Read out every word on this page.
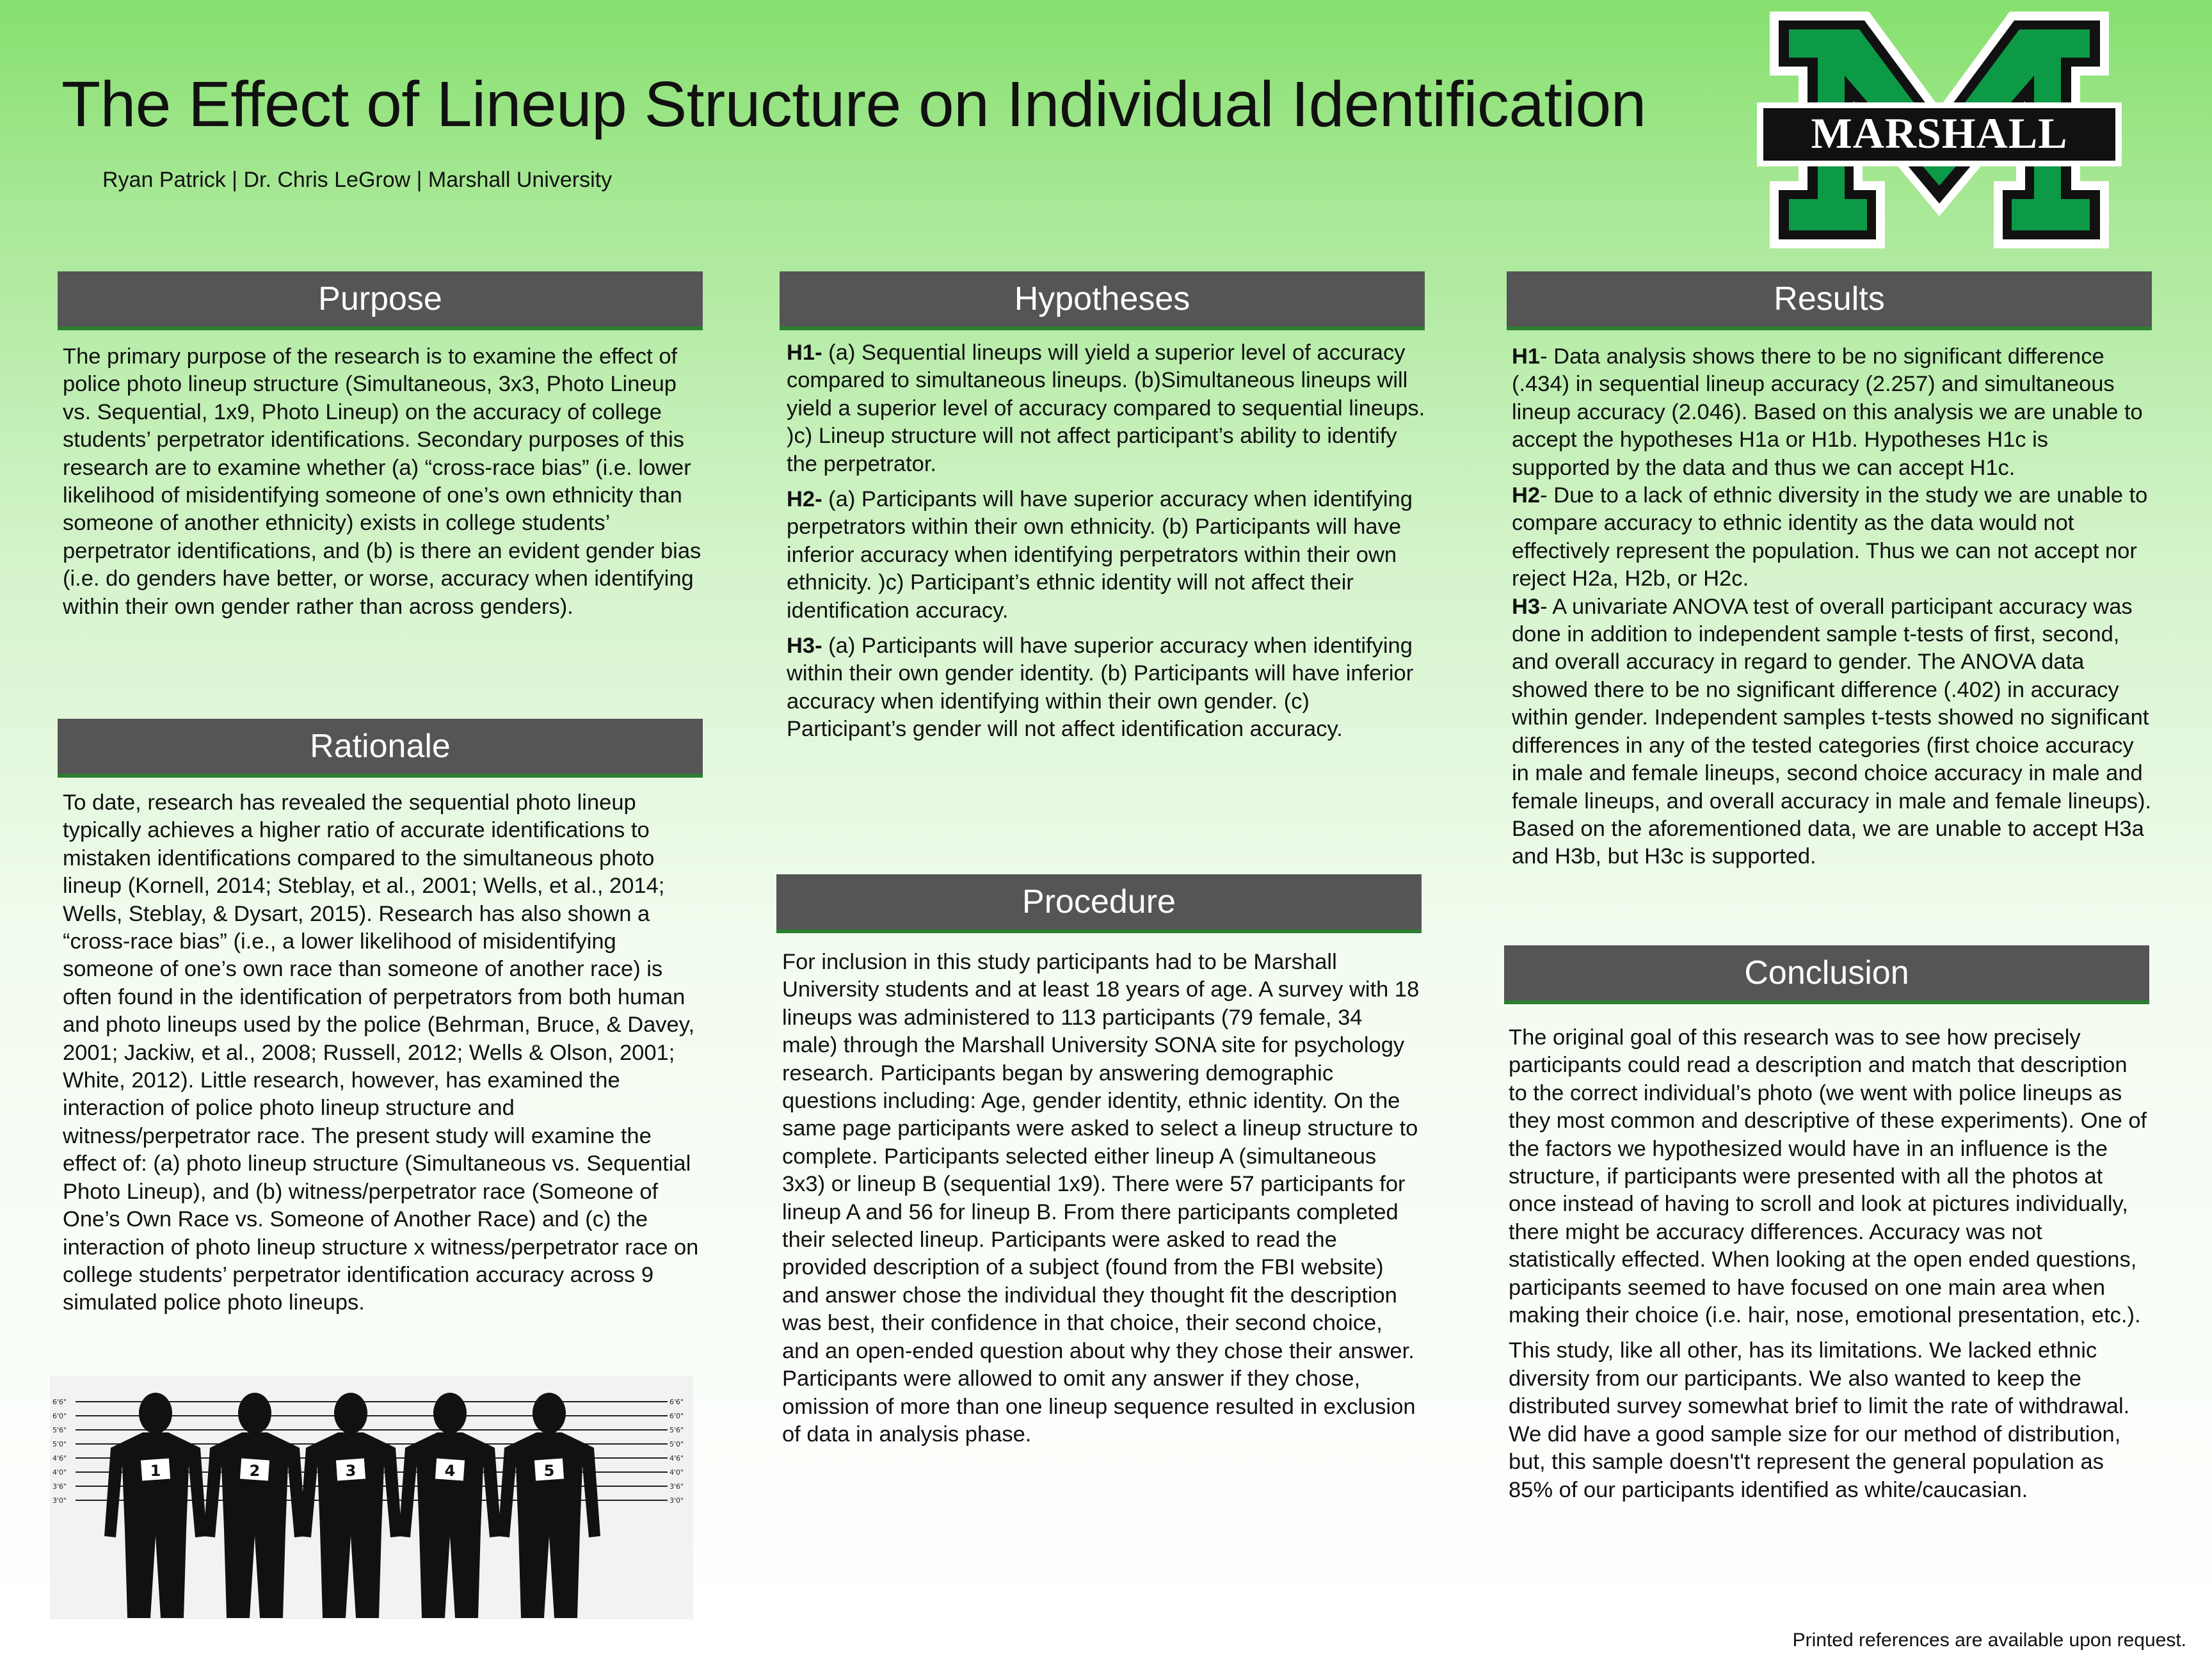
The Effect of Lineup Structure on Individual Identification

Ryan Patrick | Dr. Chris LeGrow | Marshall University

MARSHALL
Purpose

The primary purpose of the research is to examine the effect of police photo lineup structure (Simultaneous, 3x3, Photo Lineup vs. Sequential, 1x9, Photo Lineup) on the accuracy of college students’ perpetrator identifications. Secondary purposes of this research are to examine whether (a) “cross-race bias” (i.e. lower likelihood of misidentifying someone of one’s own ethnicity than someone of another ethnicity) exists in college students’ perpetrator identifications, and (b) is there an evident gender bias (i.e. do genders have better, or worse, accuracy when identifying within their own gender rather than across genders).

Rationale

To date, research has revealed the sequential photo lineup typically achieves a higher ratio of accurate identifications to mistaken identifications compared to the simultaneous photo lineup (Kornell, 2014; Steblay, et al., 2001; Wells, et al., 2014; Wells, Steblay, & Dysart, 2015). Research has also shown a “cross-race bias” (i.e., a lower likelihood of misidentifying someone of one’s own race than someone of another race) is often found in the identification of perpetrators from both human and photo lineups used by the police (Behrman, Bruce, & Davey, 2001; Jackiw, et al., 2008; Russell, 2012; Wells & Olson, 2001; White, 2012). Little research, however, has examined the interaction of police photo lineup structure and witness/perpetrator race. The present study will examine the effect of: (a) photo lineup structure (Simultaneous vs. Sequential Photo Lineup), and (b) witness/perpetrator race (Someone of One’s Own Race vs. Someone of Another Race) and (c) the interaction of photo lineup structure x witness/perpetrator race on college students’ perpetrator identification accuracy across 9 simulated police photo lineups.

6'6"
6'0"
5'6"
5'0"
4'6"
4'0"
3'6"
3'0"
6'6"
6'0"
5'6"
5'0"
4'6"
4'0"
3'6"
3'0"
1	2	3	4	5
Hypotheses

H1- (a) Sequential lineups will yield a superior level of accuracy compared to simultaneous lineups. (b)Simultaneous lineups will yield a superior level of accuracy compared to sequential lineups. )c) Lineup structure will not affect participant’s ability to identify the perpetrator.

H2- (a) Participants will have superior accuracy when identifying perpetrators within their own ethnicity. (b) Participants will have inferior accuracy when identifying perpetrators within their own ethnicity. )c) Participant’s ethnic identity will not affect their identification accuracy.

H3- (a) Participants will have superior accuracy when identifying within their own gender identity. (b) Participants will have inferior accuracy when identifying within their own gender. (c) Participant’s gender will not affect identification accuracy.

Procedure

For inclusion in this study participants had to be Marshall University students and at least 18 years of age. A survey with 18 lineups was administered to 113 participants (79 female, 34 male) through the Marshall University SONA site for psychology research. Participants began by answering demographic questions including: Age, gender identity, ethnic identity. On the same page participants were asked to select a lineup structure to complete. Participants selected either lineup A (simultaneous 3x3) or lineup B (sequential 1x9). There were 57 participants for lineup A and 56 for lineup B. From there participants completed their selected lineup. Participants were asked to read the provided description of a subject (found from the FBI website) and answer chose the individual they thought fit the description was best, their confidence in that choice, their second choice, and an open-ended question about why they chose their answer. Participants were allowed to omit any answer if they chose, omission of more than one lineup sequence resulted in exclusion of data in analysis phase.

Results

H1- Data analysis shows there to be no significant difference (.434) in sequential lineup accuracy (2.257) and simultaneous lineup accuracy (2.046). Based on this analysis we are unable to accept the hypotheses H1a or H1b. Hypotheses H1c is supported by the data and thus we can accept H1c.

H2- Due to a lack of ethnic diversity in the study we are unable to compare accuracy to ethnic identity as the data would not effectively represent the population. Thus we can not accept nor reject H2a, H2b, or H2c.

H3- A univariate ANOVA test of overall participant accuracy was done in addition to independent sample t-tests of first, second, and overall accuracy in regard to gender. The ANOVA data showed there to be no significant difference (.402) in accuracy within gender. Independent samples t-tests showed no significant differences in any of the tested categories (first choice accuracy in male and female lineups, second choice accuracy in male and female lineups, and overall accuracy in male and female lineups). Based on the aforementioned data, we are unable to accept H3a and H3b, but H3c is supported.

Conclusion

The original goal of this research was to see how precisely participants could read a description and match that description to the correct individual’s photo (we went with police lineups as they most common and descriptive of these experiments). One of the factors we hypothesized would have in an influence is the structure, if participants were presented with all the photos at once instead of having to scroll and look at pictures individually, there might be accuracy differences. Accuracy was not statistically effected. When looking at the open ended questions, participants seemed to have focused on one main area when making their choice (i.e. hair, nose, emotional presentation, etc.).

This study, like all other, has its limitations. We lacked ethnic diversity from our participants. We also wanted to keep the distributed survey somewhat brief to limit the rate of withdrawal. We did have a good sample size for our method of distribution, but, this sample doesn't't represent the general population as 85% of our participants identified as white/caucasian.

Printed references are available upon request.
